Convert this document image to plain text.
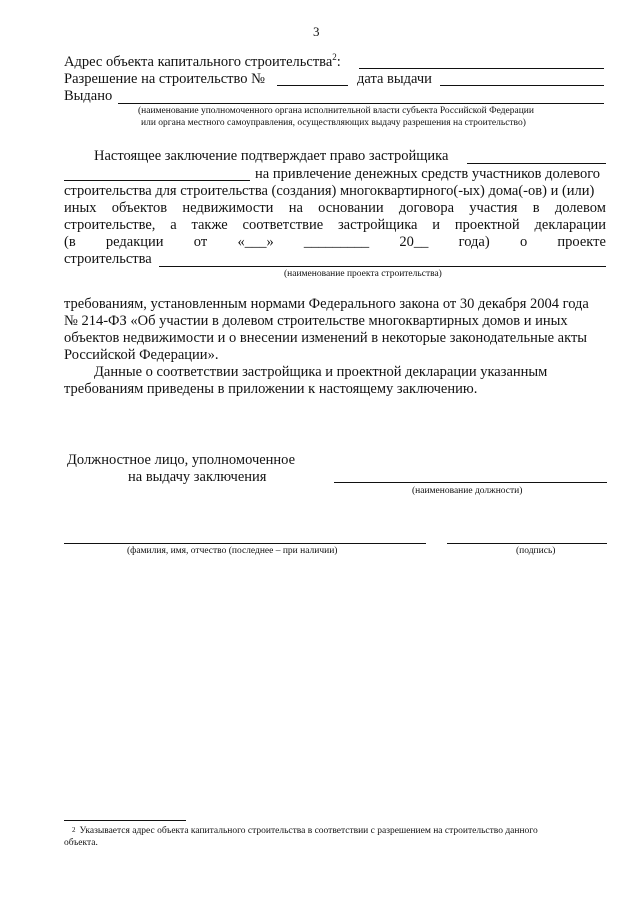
3
Адрес объекта капитального строительства$^2$:
Разрешение на строительство №	дата выдачи
Выдано
(наименование уполномоченного органа исполнительной власти субъекта Российской Федерации
или органа местного самоуправления, осуществляющих выдачу разрешения на строительство)
Настоящее заключение подтверждает право застройщика
на привлечение денежных средств участников долевого
строительства для строительства (создания) многоквартирного(-ых) дома(-ов) и (или)
иных объектов недвижимости на основании договора участия в долевом
строительстве, а также соответствие застройщика и проектной декларации
(в редакции от «___» _________ 20__ года) о проекте
строительства
(наименование проекта строительства)
требованиям, установленным нормами Федерального закона от 30 декабря 2004 года
№ 214-ФЗ «Об участии в долевом строительстве многоквартирных домов и иных
объектов недвижимости и о внесении изменений в некоторые законодательные акты
Российской Федерации».
Данные о соответствии застройщика и проектной декларации указанным
требованиям приведены в приложении к настоящему заключению.
Должностное лицо, уполномоченное
на выдачу заключения
(наименование должности)
(фамилия, имя, отчество (последнее – при наличии)	(подпись)
2 Указывается адрес объекта капитального строительства в соответствии с разрешением на строительство данного
объекта.
